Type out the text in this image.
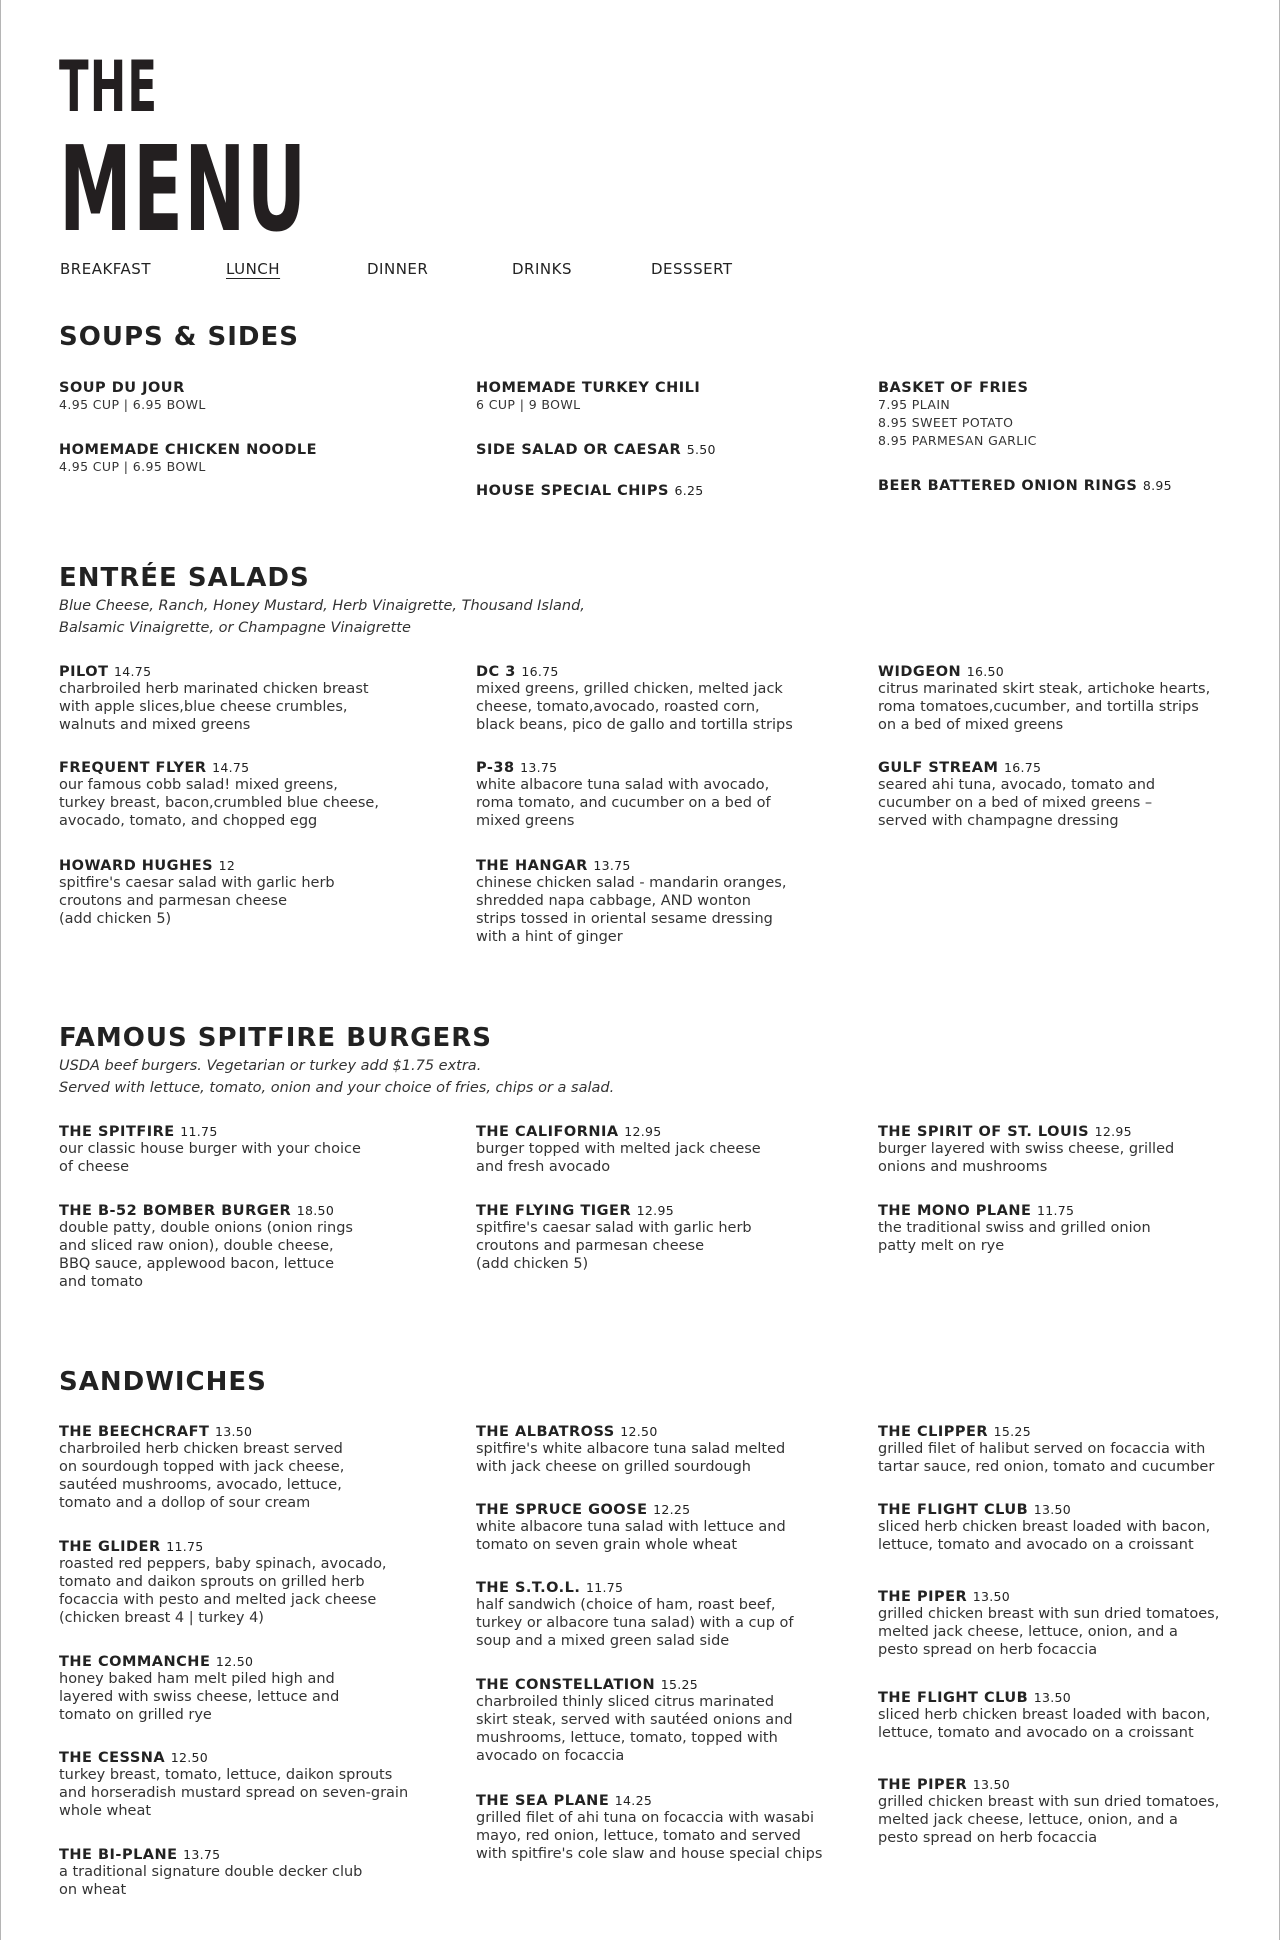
THE
MENU
BREAKFAST	LUNCH	DINNER	DRINKS	DESSSERT
SOUPS & SIDES
SOUP DU JOUR
4.95 CUP | 6.95 BOWL
HOMEMADE CHICKEN NOODLE
4.95 CUP | 6.95 BOWL
HOMEMADE TURKEY CHILI
6 CUP | 9 BOWL
SIDE SALAD OR CAESAR 5.50
HOUSE SPECIAL CHIPS 6.25
BASKET OF FRIES
7.95 PLAIN
8.95 SWEET POTATO
8.95 PARMESAN GARLIC
BEER BATTERED ONION RINGS 8.95
ENTRÉE SALADS
Blue Cheese, Ranch, Honey Mustard, Herb Vinaigrette, Thousand Island,
Balsamic Vinaigrette, or Champagne Vinaigrette
PILOT 14.75
charbroiled herb marinated chicken breast
with apple slices,blue cheese crumbles,
walnuts and mixed greens
FREQUENT FLYER 14.75
our famous cobb salad! mixed greens,
turkey breast, bacon,crumbled blue cheese,
avocado, tomato, and chopped egg
HOWARD HUGHES 12
spitfire's caesar salad with garlic herb
croutons and parmesan cheese
(add chicken 5)
DC 3 16.75
mixed greens, grilled chicken, melted jack
cheese, tomato,avocado, roasted corn,
black beans, pico de gallo and tortilla strips
P-38 13.75
white albacore tuna salad with avocado,
roma tomato, and cucumber on a bed of
mixed greens
THE HANGAR 13.75
chinese chicken salad - mandarin oranges,
shredded napa cabbage, AND wonton
strips tossed in oriental sesame dressing
with a hint of ginger
WIDGEON 16.50
citrus marinated skirt steak, artichoke hearts,
roma tomatoes,cucumber, and tortilla strips
on a bed of mixed greens
GULF STREAM 16.75
seared ahi tuna, avocado, tomato and
cucumber on a bed of mixed greens –
served with champagne dressing
FAMOUS SPITFIRE BURGERS
USDA beef burgers. Vegetarian or turkey add $1.75 extra.
Served with lettuce, tomato, onion and your choice of fries, chips or a salad.
THE SPITFIRE 11.75
our classic house burger with your choice
of cheese
THE B-52 BOMBER BURGER 18.50
double patty, double onions (onion rings
and sliced raw onion), double cheese,
BBQ sauce, applewood bacon, lettuce
and tomato
THE CALIFORNIA 12.95
burger topped with melted jack cheese
and fresh avocado
THE FLYING TIGER 12.95
spitfire's caesar salad with garlic herb
croutons and parmesan cheese
(add chicken 5)
THE SPIRIT OF ST. LOUIS 12.95
burger layered with swiss cheese, grilled
onions and mushrooms
THE MONO PLANE 11.75
the traditional swiss and grilled onion
patty melt on rye
SANDWICHES
THE BEECHCRAFT 13.50
charbroiled herb chicken breast served
on sourdough topped with jack cheese,
sautéed mushrooms, avocado, lettuce,
tomato and a dollop of sour cream
THE GLIDER 11.75
roasted red peppers, baby spinach, avocado,
tomato and daikon sprouts on grilled herb
focaccia with pesto and melted jack cheese
(chicken breast 4 | turkey 4)
THE COMMANCHE 12.50
honey baked ham melt piled high and
layered with swiss cheese, lettuce and
tomato on grilled rye
THE CESSNA 12.50
turkey breast, tomato, lettuce, daikon sprouts
and horseradish mustard spread on seven-grain
whole wheat
THE BI-PLANE 13.75
a traditional signature double decker club
on wheat
THE ALBATROSS 12.50
spitfire's white albacore tuna salad melted
with jack cheese on grilled sourdough
THE SPRUCE GOOSE 12.25
white albacore tuna salad with lettuce and
tomato on seven grain whole wheat
THE S.T.O.L. 11.75
half sandwich (choice of ham, roast beef,
turkey or albacore tuna salad) with a cup of
soup and a mixed green salad side
THE CONSTELLATION 15.25
charbroiled thinly sliced citrus marinated
skirt steak, served with sautéed onions and
mushrooms, lettuce, tomato, topped with
avocado on focaccia
THE SEA PLANE 14.25
grilled filet of ahi tuna on focaccia with wasabi
mayo, red onion, lettuce, tomato and served
with spitfire's cole slaw and house special chips
THE CLIPPER 15.25
grilled filet of halibut served on focaccia with
tartar sauce, red onion, tomato and cucumber
THE FLIGHT CLUB 13.50
sliced herb chicken breast loaded with bacon,
lettuce, tomato and avocado on a croissant
THE PIPER 13.50
grilled chicken breast with sun dried tomatoes,
melted jack cheese, lettuce, onion, and a
pesto spread on herb focaccia
THE FLIGHT CLUB 13.50
sliced herb chicken breast loaded with bacon,
lettuce, tomato and avocado on a croissant
THE PIPER 13.50
grilled chicken breast with sun dried tomatoes,
melted jack cheese, lettuce, onion, and a
pesto spread on herb focaccia
